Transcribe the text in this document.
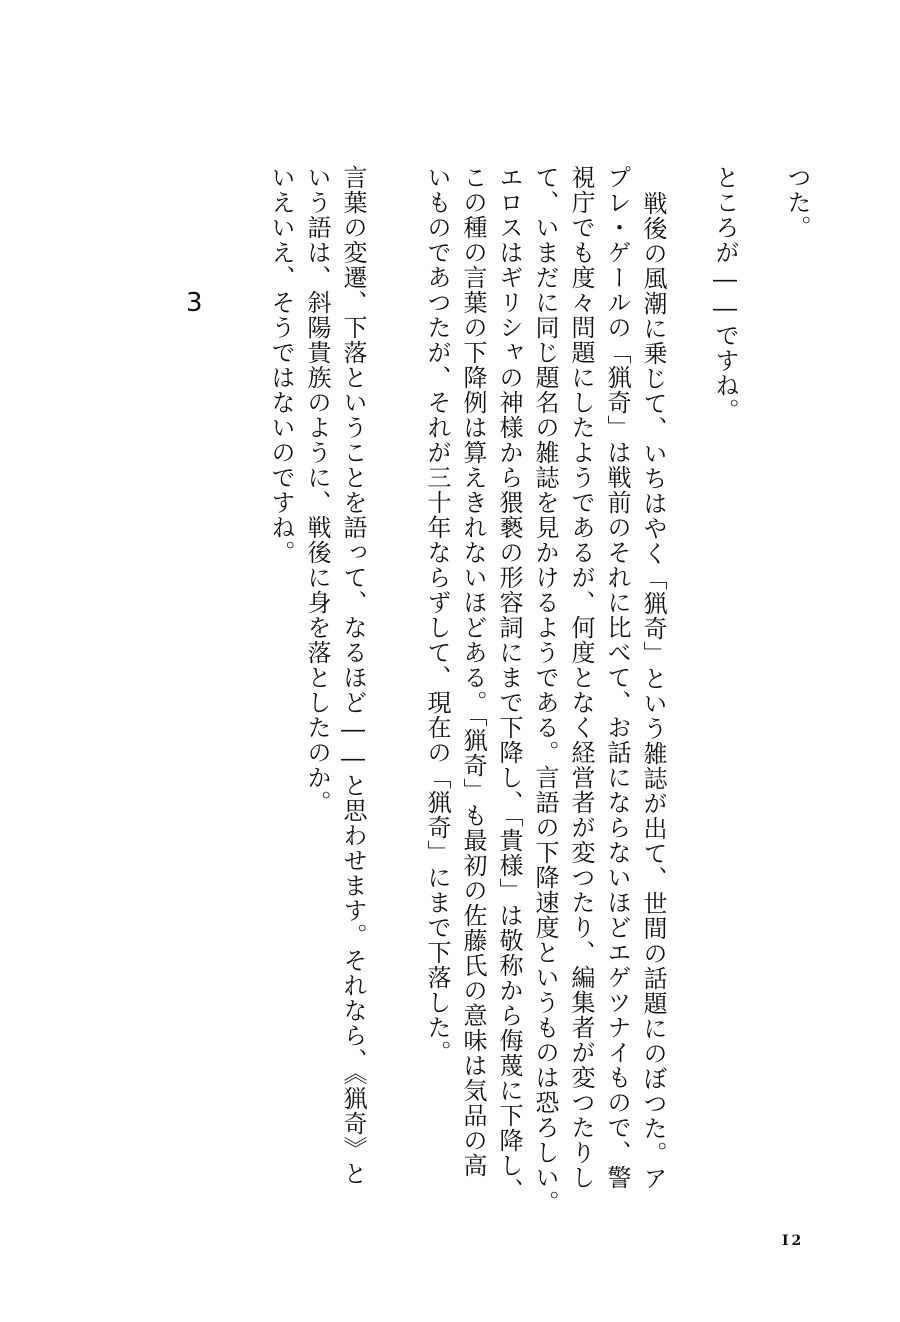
つた。

ところが――ですね。

戦後の風潮に乗じて、いちはやく「猟奇」という雑誌が出て、世間の話題にのぼつた。ア

プレ・ゲールの「猟奇」は戦前のそれに比べて、お話にならないほどエゲツナイもので、警

視庁でも度々問題にしたようであるが、何度となく経営者が変つたり、編集者が変つたりし

て、いまだに同じ題名の雑誌を見かけるようである。言語の下降速度というものは恐ろしい。

エロスはギリシャの神様から猥褻の形容詞にまで下降し、「貴様」は敬称から侮蔑に下降し、

この種の言葉の下降例は算えきれないほどある。「猟奇」も最初の佐藤氏の意味は気品の高

いものであつたが、それが三十年ならずして、現在の「猟奇」にまで下落した。

言葉の変遷、下落ということを語って、なるほど――と思わせます。それなら、《猟奇》と

いう語は、斜陽貴族のように、戦後に身を落としたのか。

いえいえ、そうではないのですね。

3
I2
